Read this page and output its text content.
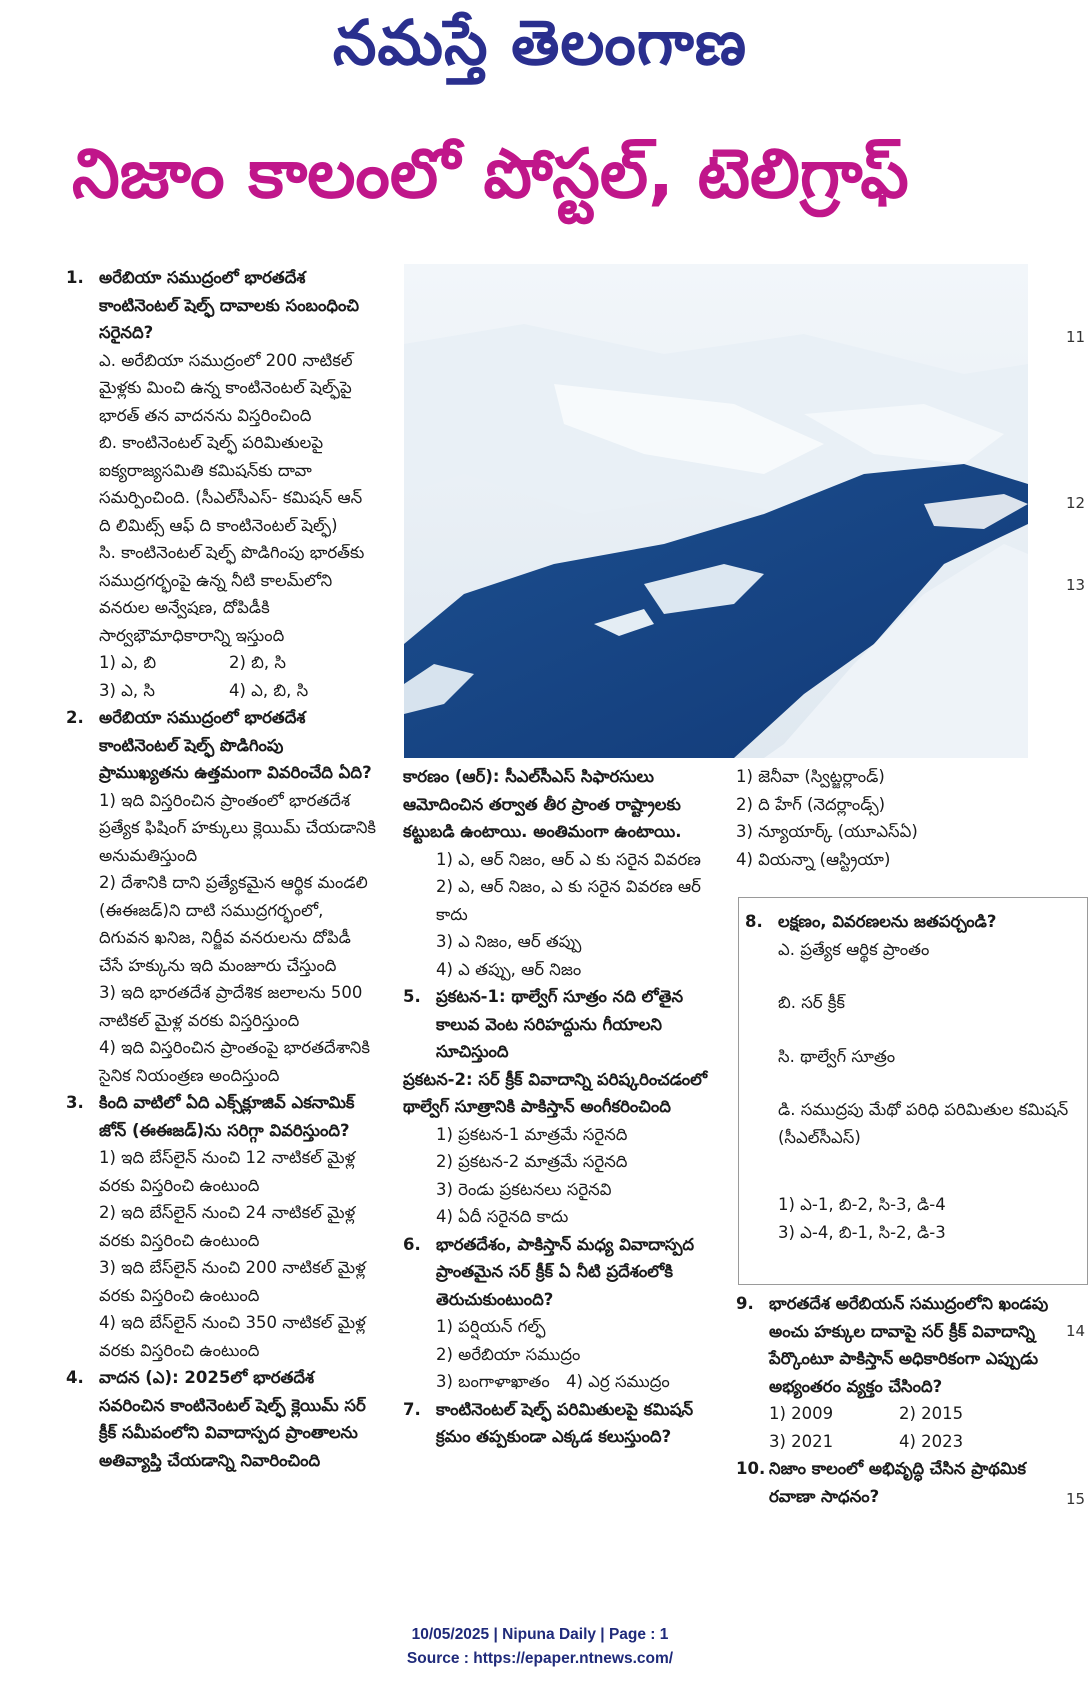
నమస్తే తెలంగాణ
నిజాం కాలంలో పోస్టల్, టెలిగ్రాఫ్
1. అరేబియా సముద్రంలో భారతదేశ కాంటినెంటల్ షెల్ఫ్ దావాలకు సంబంధించి సరైనది?
ఎ. అరేబియా సముద్రంలో 200 నాటికల్ మైళ్లకు మించి ఉన్న కాంటినెంటల్ షెల్ఫ్‌పై భారత్ తన వాదనను విస్తరించింది
బి. కాంటినెంటల్ షెల్ఫ్ పరిమితులపై ఐక్యరాజ్యసమితి కమిషన్‌కు దావా సమర్పించింది. (సీఎల్‌సీఎస్- కమిషన్ ఆన్ ది లిమిట్స్ ఆఫ్ ది కాంటినెంటల్ షెల్ఫ్)
సి. కాంటినెంటల్ షెల్ఫ్ పొడిగింపు భారత్‌కు సముద్రగర్భంపై ఉన్న నీటి కాలమ్‌లోని వనరుల అన్వేషణ, దోపిడీకి సార్వభౌమాధికారాన్ని ఇస్తుంది
1) ఎ, బి	2) బి, సి
3) ఎ, సి	4) ఎ, బి, సి
2. అరేబియా సముద్రంలో భారతదేశ కాంటినెంటల్ షెల్ఫ్ పొడిగింపు ప్రాముఖ్యతను ఉత్తమంగా వివరించేది ఏది?
1) ఇది విస్తరించిన ప్రాంతంలో భారతదేశ ప్రత్యేక ఫిషింగ్ హక్కులు క్లెయిమ్ చేయడానికి అనుమతిస్తుంది
2) దేశానికి దాని ప్రత్యేకమైన ఆర్థిక మండలి (ఈఈజడ్)ని దాటి సముద్రగర్భంలో, దిగువన ఖనిజ, నిర్జీవ వనరులను దోపిడీ చేసే హక్కును ఇది మంజూరు చేస్తుంది
3) ఇది భారతదేశ ప్రాదేశిక జలాలను 500 నాటికల్ మైళ్ల వరకు విస్తరిస్తుంది
4) ఇది విస్తరించిన ప్రాంతంపై భారతదేశానికి సైనిక నియంత్రణ అందిస్తుంది
3. కింది వాటిలో ఏది ఎక్స్‌క్లూజివ్ ఎకనామిక్ జోన్ (ఈఈజడ్)ను సరిగ్గా వివరిస్తుంది?
1) ఇది బేస్‌లైన్ నుంచి 12 నాటికల్ మైళ్ల వరకు విస్తరించి ఉంటుంది
2) ఇది బేస్‌లైన్ నుంచి 24 నాటికల్ మైళ్ల వరకు విస్తరించి ఉంటుంది
3) ఇది బేస్‌లైన్ నుంచి 200 నాటికల్ మైళ్ల వరకు విస్తరించి ఉంటుంది
4) ఇది బేస్‌లైన్ నుంచి 350 నాటికల్ మైళ్ల వరకు విస్తరించి ఉంటుంది
4. వాదన (ఎ): 2025లో భారతదేశ సవరించిన కాంటినెంటల్ షెల్ఫ్ క్లెయిమ్ సర్ క్రీక్ సమీపంలోని వివాదాస్పద ప్రాంతాలను అతివ్యాప్తి చేయడాన్ని నివారించింది
కారణం (ఆర్): సీఎల్‌సీఎస్ సిఫారసులు ఆమోదించిన తర్వాత తీర ప్రాంత రాష్ట్రాలకు కట్టుబడి ఉంటాయి. అంతిమంగా ఉంటాయి.
1) ఎ, ఆర్ నిజం, ఆర్ ఎ కు సరైన వివరణ
2) ఎ, ఆర్ నిజం, ఎ కు సరైన వివరణ ఆర్ కాదు
3) ఎ నిజం, ఆర్ తప్పు
4) ఎ తప్పు, ఆర్ నిజం
5. ప్రకటన-1: థాల్వేగ్ సూత్రం నది లోతైన కాలువ వెంట సరిహద్దును గీయాలని సూచిస్తుంది
ప్రకటన-2: సర్ క్రీక్ వివాదాన్ని పరిష్కరించడంలో థాల్వేగ్ సూత్రానికి పాకిస్తాన్ అంగీకరించింది
1) ప్రకటన-1 మాత్రమే సరైనది
2) ప్రకటన-2 మాత్రమే సరైనది
3) రెండు ప్రకటనలు సరైనవి
4) ఏదీ సరైనది కాదు
6. భారతదేశం, పాకిస్తాన్ మధ్య వివాదాస్పద ప్రాంతమైన సర్ క్రీక్ ఏ నీటి ప్రదేశంలోకి తెరుచుకుంటుంది?
1) పర్షియన్ గల్ఫ్
2) అరేబియా సముద్రం
3) బంగాళాఖాతం 4) ఎర్ర సముద్రం
7. కాంటినెంటల్ షెల్ఫ్ పరిమితులపై కమిషన్ క్రమం తప్పకుండా ఎక్కడ కలుస్తుంది?
1) జెనీవా (స్విట్జర్లాండ్)
2) ది హేగ్ (నెదర్లాండ్స్)
3) న్యూయార్క్ (యూఎస్ఏ)
4) వియన్నా (ఆస్ట్రియా)
8. లక్షణం, వివరణలను జతపర్చండి?
ఎ. ప్రత్యేక ఆర్థిక ప్రాంతం
బి. సర్ క్రీక్
సి. థాల్వేగ్ సూత్రం
డి. సముద్రపు మేథో పరిధి పరిమితుల కమిషన్ (సీఎల్‌సీఎస్)
1) ఎ-1, బి-2, సి-3, డి-4
3) ఎ-4, బి-1, సి-2, డి-3
9. భారతదేశ అరేబియన్ సముద్రంలోని ఖండపు అంచు హక్కుల దావాపై సర్ క్రీక్ వివాదాన్ని పేర్కొంటూ పాకిస్తాన్ అధికారికంగా ఎప్పుడు అభ్యంతరం వ్యక్తం చేసింది?
1) 2009	2) 2015
3) 2021	4) 2023
10. నిజాం కాలంలో అభివృద్ధి చేసిన ప్రాథమిక రవాణా సాధనం?
11
12
13
14
15
10/05/2025 | Nipuna Daily | Page : 1
Source : https://epaper.ntnews.com/
